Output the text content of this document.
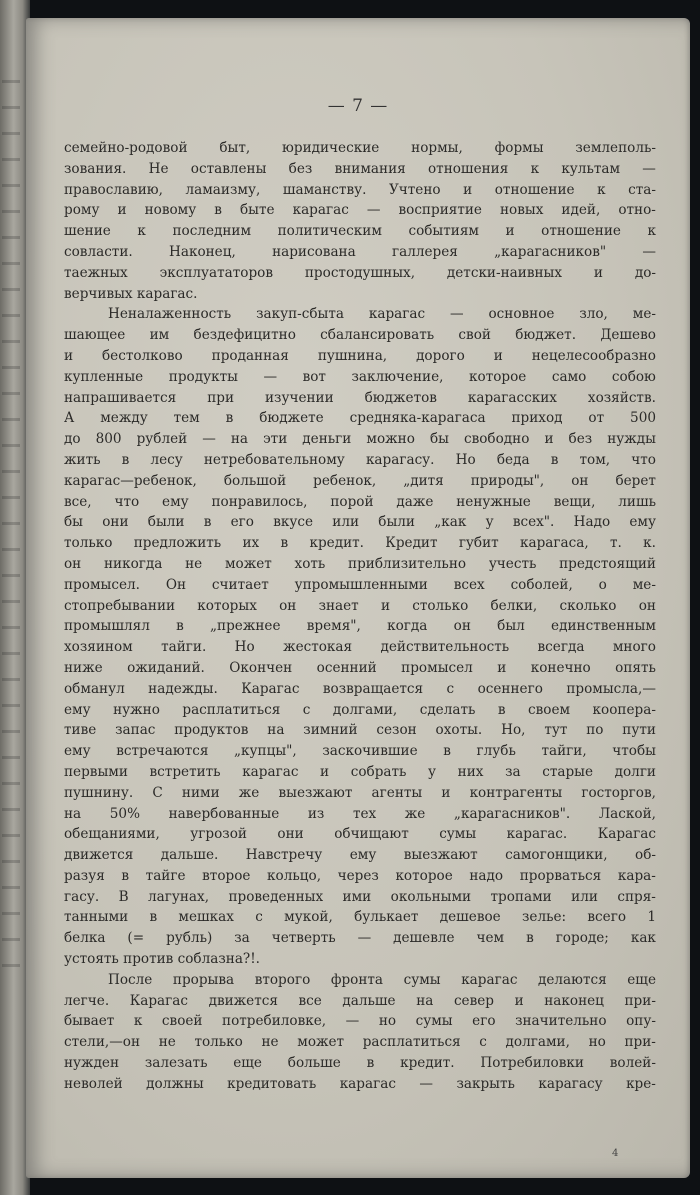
— 7 —
семейно-родовой быт, юридические нормы, формы землеполь-
зования. Не оставлены без внимания отношения к культам —
православию, ламаизму, шаманству. Учтено и отношение к ста-
рому и новому в быте карагас — восприятие новых идей, отно-
шение к последним политическим событиям и отношение к
совласти.	Наконец,	нарисована	галлерея	„карагасников"	—
таежных эксплуататоров простодушных, детски-наивных и до-
верчивых карагас.
Неналаженность закуп-сбыта карагас — основное зло, ме-
шающее им бездефицитно сбалансировать свой бюджет. Дешево
и бестолково проданная пушнина, дорого и нецелесообразно
купленные продукты — вот заключение, которое само собою
напрашивается при изучении бюджетов карагасских хозяйств.
А между тем в бюджете средняка-карагаса приход от 500
до 800 рублей — на эти деньги можно бы свободно и без нужды
жить в лесу нетребовательному карагасу. Но беда в том, что
карагас—ребенок, большой ребенок, „дитя природы", он берет
все, что ему понравилось, порой даже ненужные вещи, лишь
бы они были в его вкусе или были „как у всех". Надо ему
только предложить их в кредит. Кредит губит карагаса, т. к.
он никогда не может хоть приблизительно учесть предстоящий
промысел. Он считает упромышленными всех соболей, о ме-
стопребывании которых он знает и столько белки, сколько он
промышлял в „прежнее время", когда он был единственным
хозяином тайги. Но жестокая действительность всегда много
ниже ожиданий. Окончен осенний промысел и конечно опять
обманул надежды. Карагас возвращается с осеннего промысла,—
ему нужно расплатиться с долгами, сделать в своем коопера-
тиве запас продуктов на зимний сезон охоты. Но, тут по пути
ему встречаются „купцы", заскочившие в глубь тайги, чтобы
первыми встретить карагас и собрать у них за старые долги
пушнину. С ними же выезжают агенты и контрагенты госторгов,
на 50% навербованные из тех же „карагасников". Лаской,
обещаниями, угрозой они обчищают сумы карагас. Карагас
движется дальше. Навстречу ему выезжают самогонщики, об-
разуя в тайге второе кольцо, через которое надо прорваться кара-
гасу. В лагунах, проведенных ими окольными тропами или спря-
танными в мешках с мукой, булькает дешевое зелье: всего 1
белка (= рубль) за четверть — дешевле чем в городе; как
устоять против соблазна?!.
После прорыва второго фронта сумы карагас делаются еще
легче. Карагас движется все дальше на север и наконец при-
бывает к своей потребиловке, — но сумы его значительно опу-
стели,—он не только не может расплатиться с долгами, но при-
нужден залезать еще больше в кредит. Потребиловки волей-
неволей должны кредитовать карагас — закрыть карагасу кре-
4
